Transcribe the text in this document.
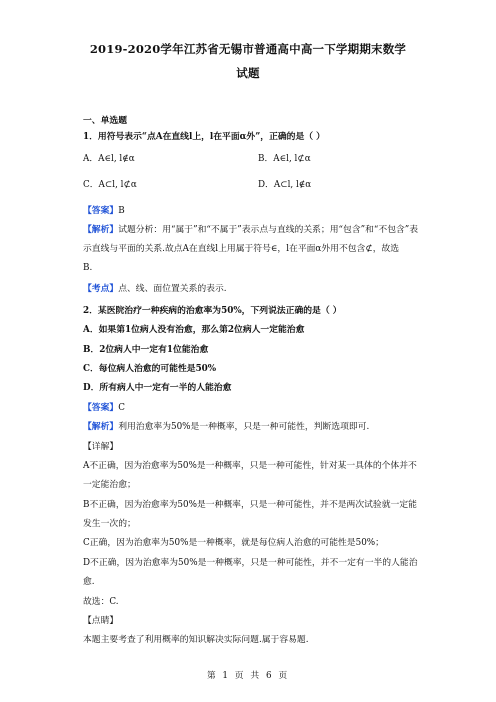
2019-2020学年江苏省无锡市普通高中高一下学期期末数学
试题
一、单选题
1．用符号表示“点A在直线l上，l在平面α外”，正确的是（ ）
A．A∈l, l∉α	B．A∈l, l⊄α
C．A⊂l, l⊄α	D．A⊂l, l∉α
【答案】B
【解析】试题分析：用“属于”和“不属于”表示点与直线的关系；用“包含”和“不包含”表
示直线与平面的关系.故点A在直线l上用属于符号∈，l在平面α外用不包含⊄，故选
B.
【考点】点、线、面位置关系的表示.
2．某医院治疗一种疾病的治愈率为50%，下列说法正确的是（ ）
A．如果第1位病人没有治愈，那么第2位病人一定能治愈
B．2位病人中一定有1位能治愈
C．每位病人治愈的可能性是50%
D．所有病人中一定有一半的人能治愈
【答案】C
【解析】利用治愈率为50%是一种概率，只是一种可能性，判断选项即可.
【详解】
A不正确，因为治愈率为50%是一种概率，只是一种可能性，针对某一具体的个体并不
一定能治愈；
B不正确，因为治愈率为50%是一种概率，只是一种可能性，并不是两次试验就一定能
发生一次的；
C正确，因为治愈率为50%是一种概率，就是每位病人治愈的可能性是50%；
D不正确，因为治愈率为50%是一种概率，只是一种可能性，并不一定有一半的人能治
愈.
故选：C.
【点睛】
本题主要考查了利用概率的知识解决实际问题.属于容易题.
第 1 页 共 6 页
